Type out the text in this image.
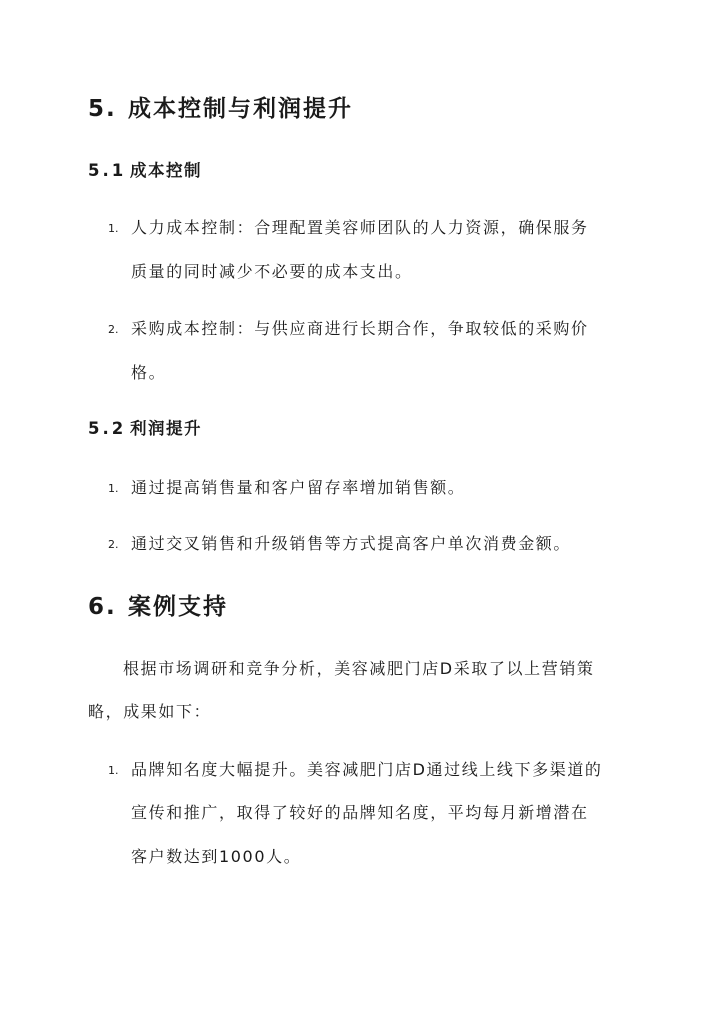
5. 成本控制与利润提升
5.1 成本控制
1. 人力成本控制：合理配置美容师团队的人力资源，确保服务
质量的同时减少不必要的成本支出。
2. 采购成本控制：与供应商进行长期合作，争取较低的采购价
格。
5.2 利润提升
1. 通过提高销售量和客户留存率增加销售额。
2. 通过交叉销售和升级销售等方式提高客户单次消费金额。
6. 案例支持
根据市场调研和竞争分析，美容减肥门店D采取了以上营销策
略，成果如下：
1. 品牌知名度大幅提升。美容减肥门店D通过线上线下多渠道的
宣传和推广，取得了较好的品牌知名度，平均每月新增潜在
客户数达到1000人。
